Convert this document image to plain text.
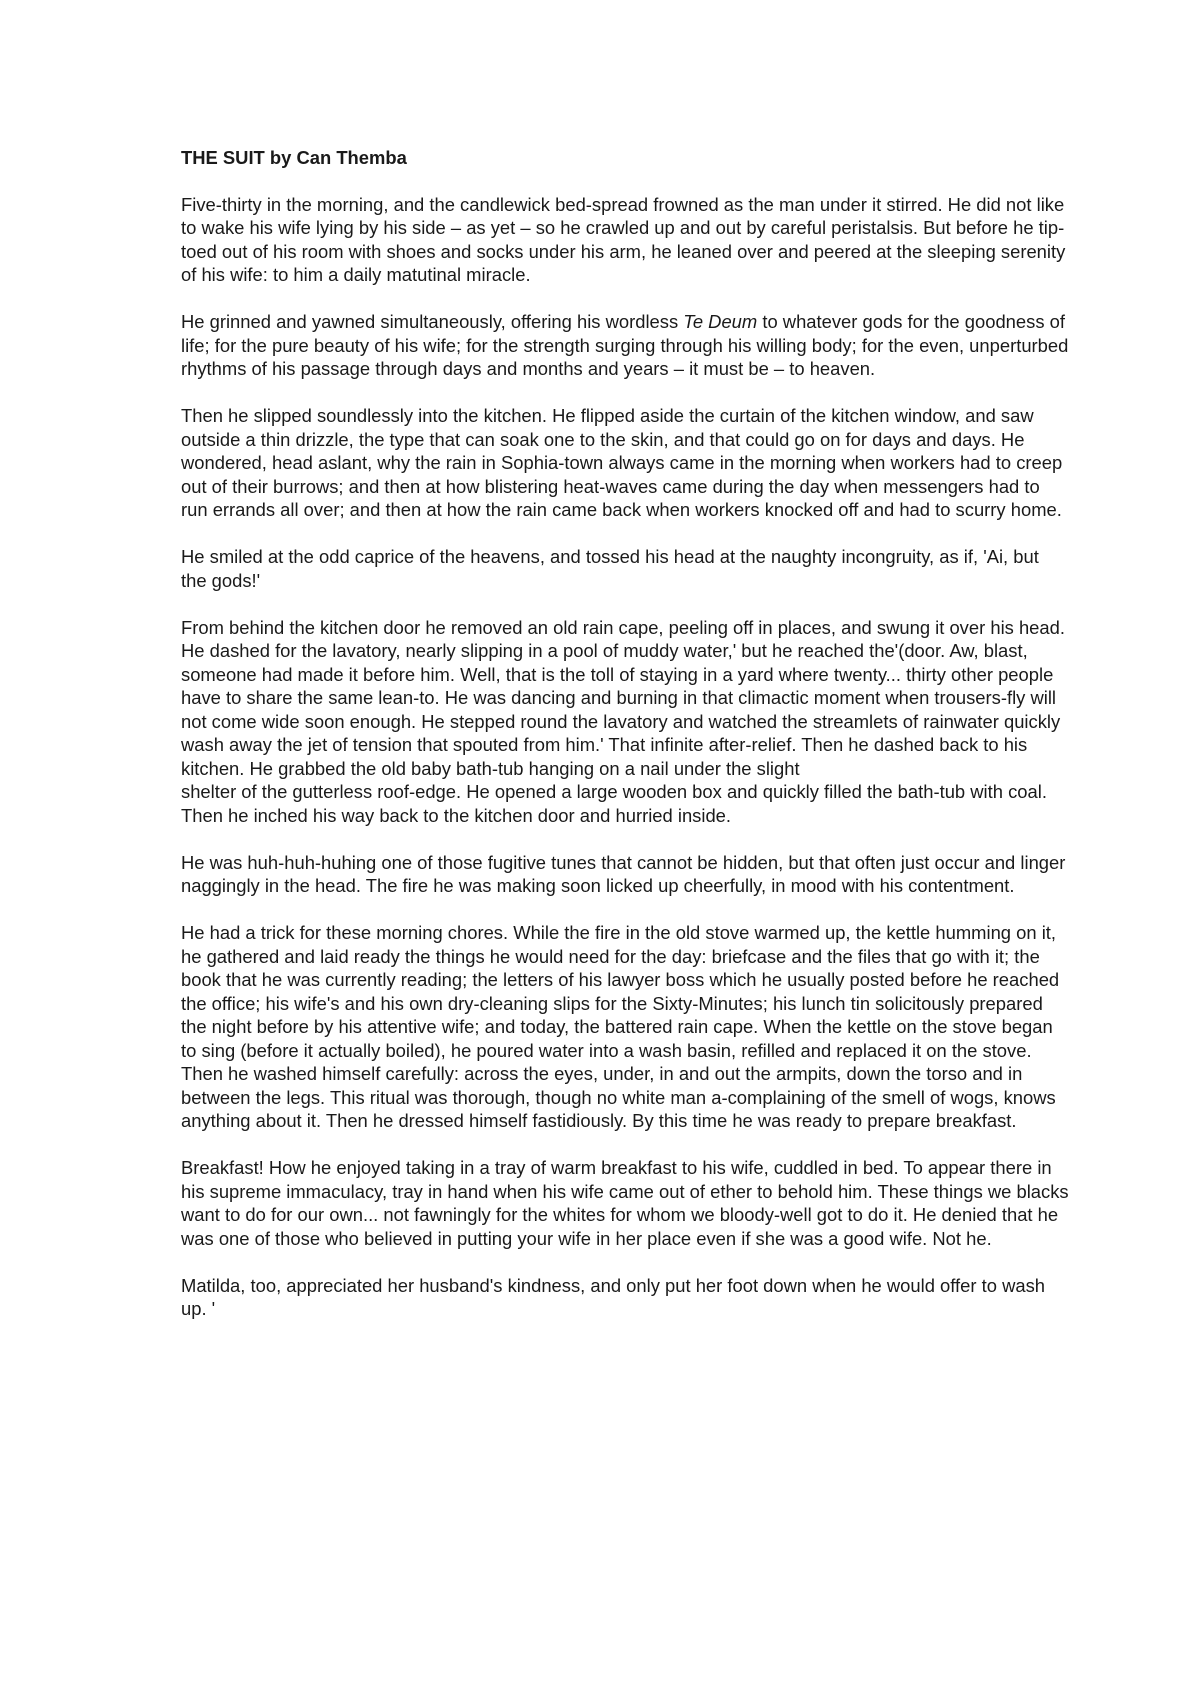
THE SUIT by Can Themba

Five-thirty in the morning, and the candlewick bed-spread frowned as the man under it stirred. He did not like to wake his wife lying by his side – as yet – so he crawled up and out by careful peristalsis. But before he tip-toed out of his room with shoes and socks under his arm, he leaned over and peered at the sleeping serenity of his wife: to him a daily matutinal miracle.

He grinned and yawned simultaneously, offering his wordless Te Deum to whatever gods for the goodness of life; for the pure beauty of his wife; for the strength surging through his willing body; for the even, unperturbed rhythms of his passage through days and months and years – it must be – to heaven.

Then he slipped soundlessly into the kitchen. He flipped aside the curtain of the kitchen window, and saw outside a thin drizzle, the type that can soak one to the skin, and that could go on for days and days. He wondered, head aslant, why the rain in Sophia-town always came in the morning when workers had to creep out of their burrows; and then at how blistering heat-waves came during the day when messengers had to run errands all over; and then at how the rain came back when workers knocked off and had to scurry home.

He smiled at the odd caprice of the heavens, and tossed his head at the naughty incongruity, as if, 'Ai, but the gods!'

From behind the kitchen door he removed an old rain cape, peeling off in places, and swung it over his head. He dashed for the lavatory, nearly slipping in a pool of muddy water,' but he reached the'(door. Aw, blast, someone had made it before him. Well, that is the toll of staying in a yard where twenty... thirty other people have to share the same lean-to. He was dancing and burning in that climactic moment when trousers-fly will not come wide soon enough. He stepped round the lavatory and watched the streamlets of rainwater quickly wash away the jet of tension that spouted from him.' That infinite after-relief. Then he dashed back to his kitchen. He grabbed the old baby bath-tub hanging on a nail under the slight
shelter of the gutterless roof-edge. He opened a large wooden box and quickly filled the bath-tub with coal. Then he inched his way back to the kitchen door and hurried inside.

He was huh-huh-huhing one of those fugitive tunes that cannot be hidden, but that often just occur and linger naggingly in the head. The fire he was making soon licked up cheerfully, in mood with his contentment.

He had a trick for these morning chores. While the fire in the old stove warmed up, the kettle humming on it, he gathered and laid ready the things he would need for the day: briefcase and the files that go with it; the book that he was currently reading; the letters of his lawyer boss which he usually posted before he reached the office; his wife's and his own dry-cleaning slips for the Sixty-Minutes; his lunch tin solicitously prepared the night before by his attentive wife; and today, the battered rain cape. When the kettle on the stove began to sing (before it actually boiled), he poured water into a wash basin, refilled and replaced it on the stove. Then he washed himself carefully: across the eyes, under, in and out the armpits, down the torso and in between the legs. This ritual was thorough, though no white man a-complaining of the smell of wogs, knows anything about it. Then he dressed himself fastidiously. By this time he was ready to prepare breakfast.

Breakfast! How he enjoyed taking in a tray of warm breakfast to his wife, cuddled in bed. To appear there in his supreme immaculacy, tray in hand when his wife came out of ether to behold him. These things we blacks want to do for our own... not fawningly for the whites for whom we bloody-well got to do it. He denied that he was one of those who believed in putting your wife in her place even if she was a good wife. Not he.

Matilda, too, appreciated her husband's kindness, and only put her foot down when he would offer to wash up. '
